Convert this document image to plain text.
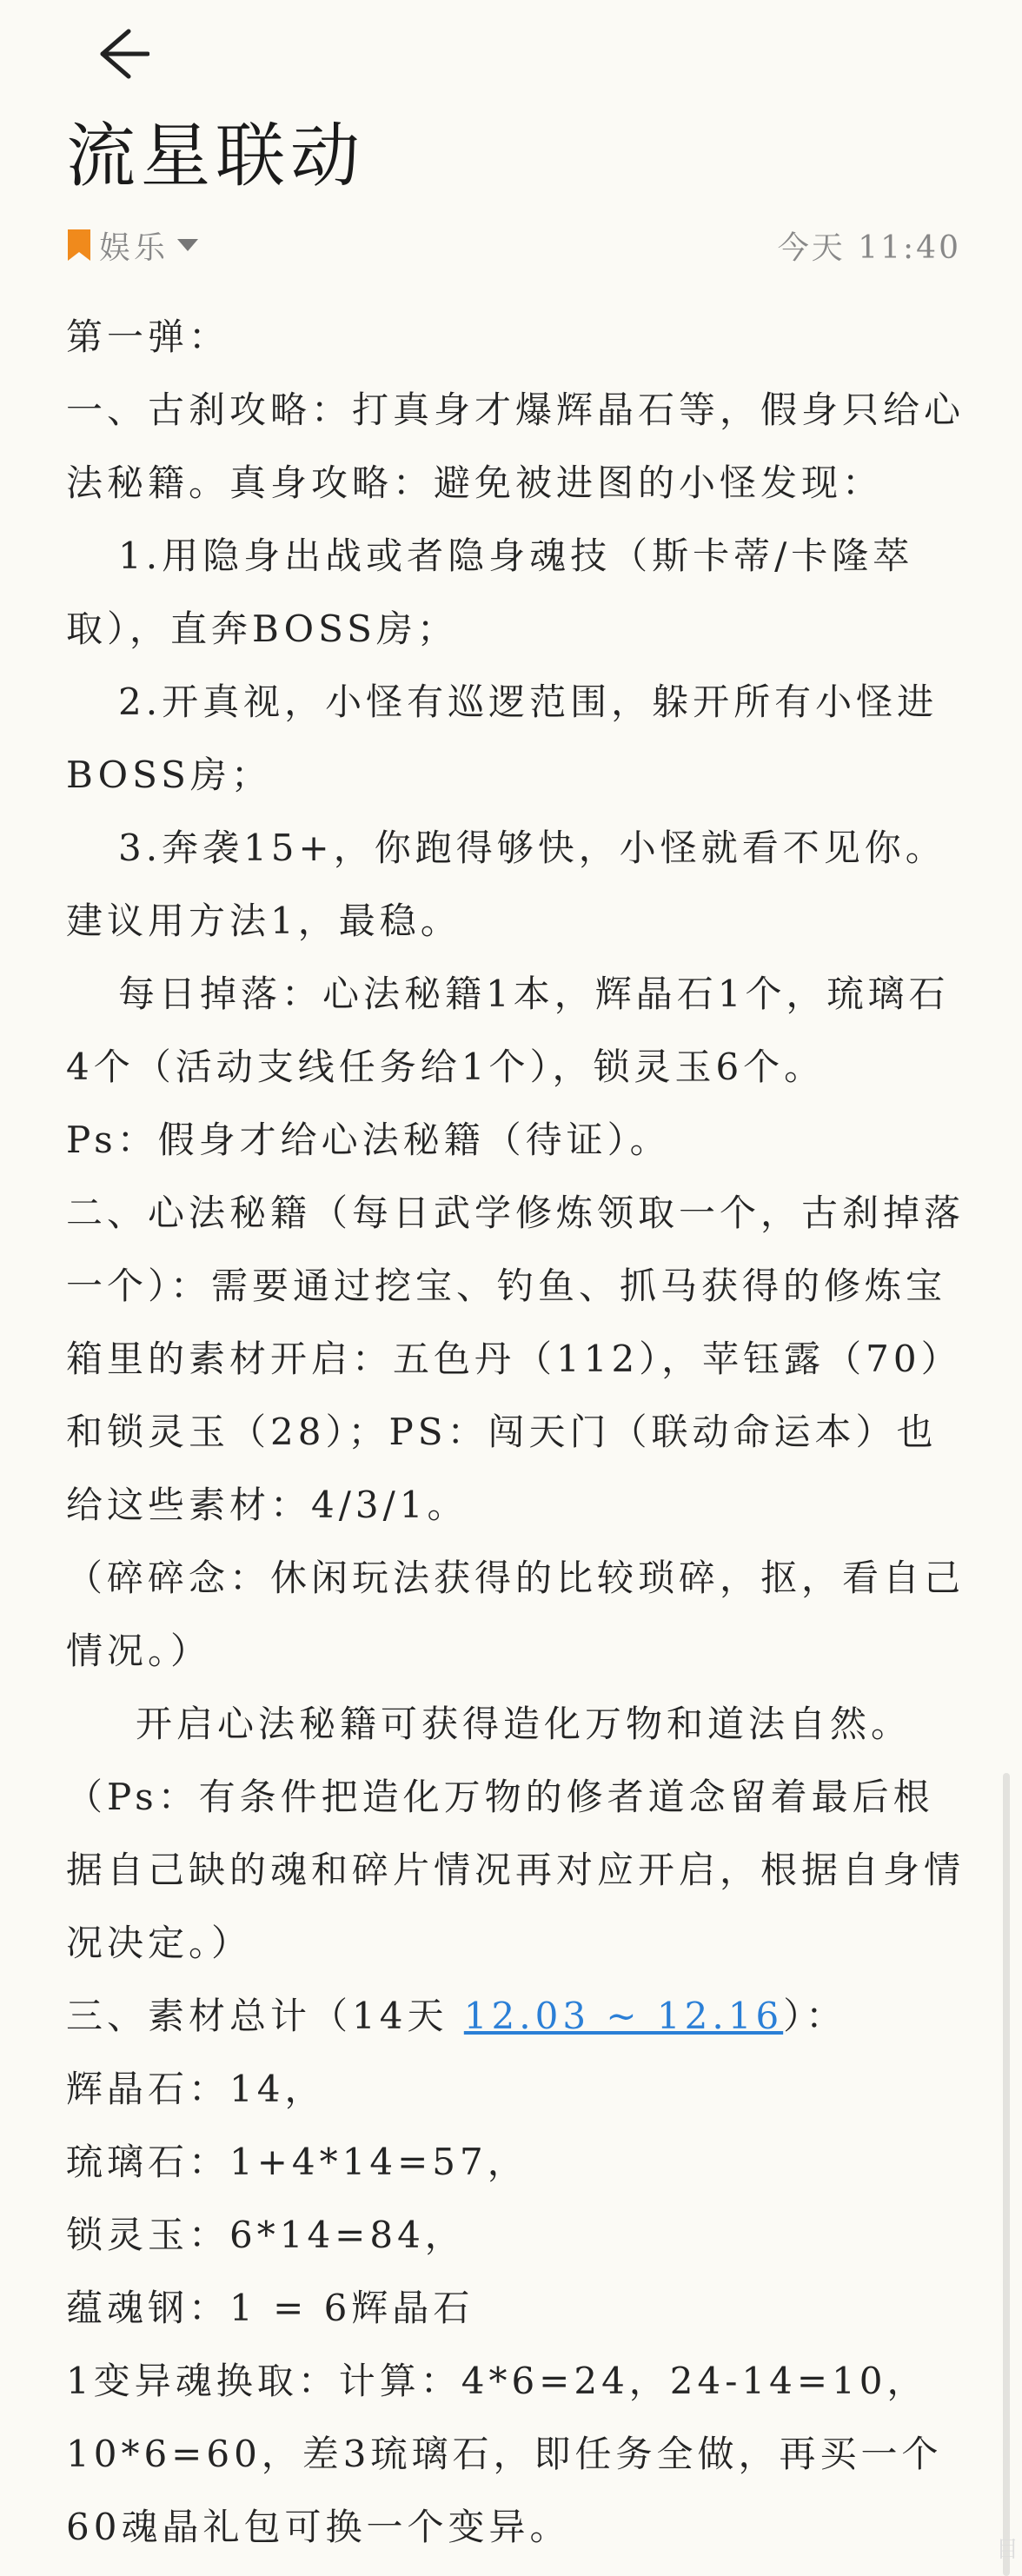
流星联动
娱乐	今天 11:40

第一弹：

一、古刹攻略：打真身才爆辉晶石等，假身只给心法秘籍。真身攻略：避免被进图的小怪发现：

1.用隐身出战或者隐身魂技（斯卡蒂/卡隆萃取），直奔BOSS房；

2.开真视，小怪有巡逻范围，躲开所有小怪进BOSS房；

3.奔袭15+，你跑得够快，小怪就看不见你。建议用方法1，最稳。

每日掉落：心法秘籍1本，辉晶石1个，琉璃石4个（活动支线任务给1个），锁灵玉6个。

Ps：假身才给心法秘籍（待证）。

二、心法秘籍（每日武学修炼领取一个，古刹掉落一个）：需要通过挖宝、钓鱼、抓马获得的修炼宝箱里的素材开启：五色丹（112），苹钰露（70）和锁灵玉（28）；PS：闯天门（联动命运本）也给这些素材：4/3/1。

（碎碎念：休闲玩法获得的比较琐碎，抠，看自己情况。）

开启心法秘籍可获得造化万物和道法自然。

（Ps：有条件把造化万物的修者道念留着最后根据自己缺的魂和碎片情况再对应开启，根据自身情况决定。）

三、素材总计（14天 12.03 ~ 12.16）：

辉晶石：14，

琉璃石：1+4*14=57，

锁灵玉：6*14=84，

蕴魂钢：1 = 6辉晶石

1变异魂换取：计算：4*6=24，24-14=10，10*6=60，差3琉璃石，即任务全做，再买一个60魂晶礼包可换一个变异。

目
